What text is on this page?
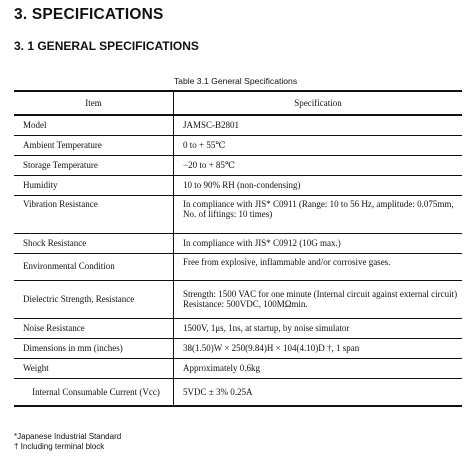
3. SPECIFICATIONS
3. 1 GENERAL SPECIFICATIONS
Table 3.1 General Specifications
Item	Specification
Model	JAMSC-B2801
Ambient Temperature	0 to + 55℃
Storage Temperature	−20 to + 85℃
Humidity	10 to 90% RH (non-condensing)
Vibration Resistance	In compliance with JIS* C0911 (Range: 10 to 56 Hz, amplitude: 0.075mm, No. of liftings: 10 times)
Shock Resistance	In compliance with JIS* C0912 (10G max.)
Environmental Condition	Free from explosive, inflammable and/or corrosive gases.
Dielectric Strength, Resistance	Strength: 1500 VAC for one minute (Internal circuit against external circuit)
Resistance: 500VDC, 100MΩmin.
Noise Resistance	1500V, 1μs, 1ns, at startup, by noise simulator
Dimensions in mm (inches)	38(1.50)W × 250(9.84)H × 104(4.10)D †, 1 span
Weight	Approximately 0.6kg
Internal Consumable Current (Vcc)	5VDC ± 3% 0.25A
*Japanese Industrial Standard
† Including terminal block
